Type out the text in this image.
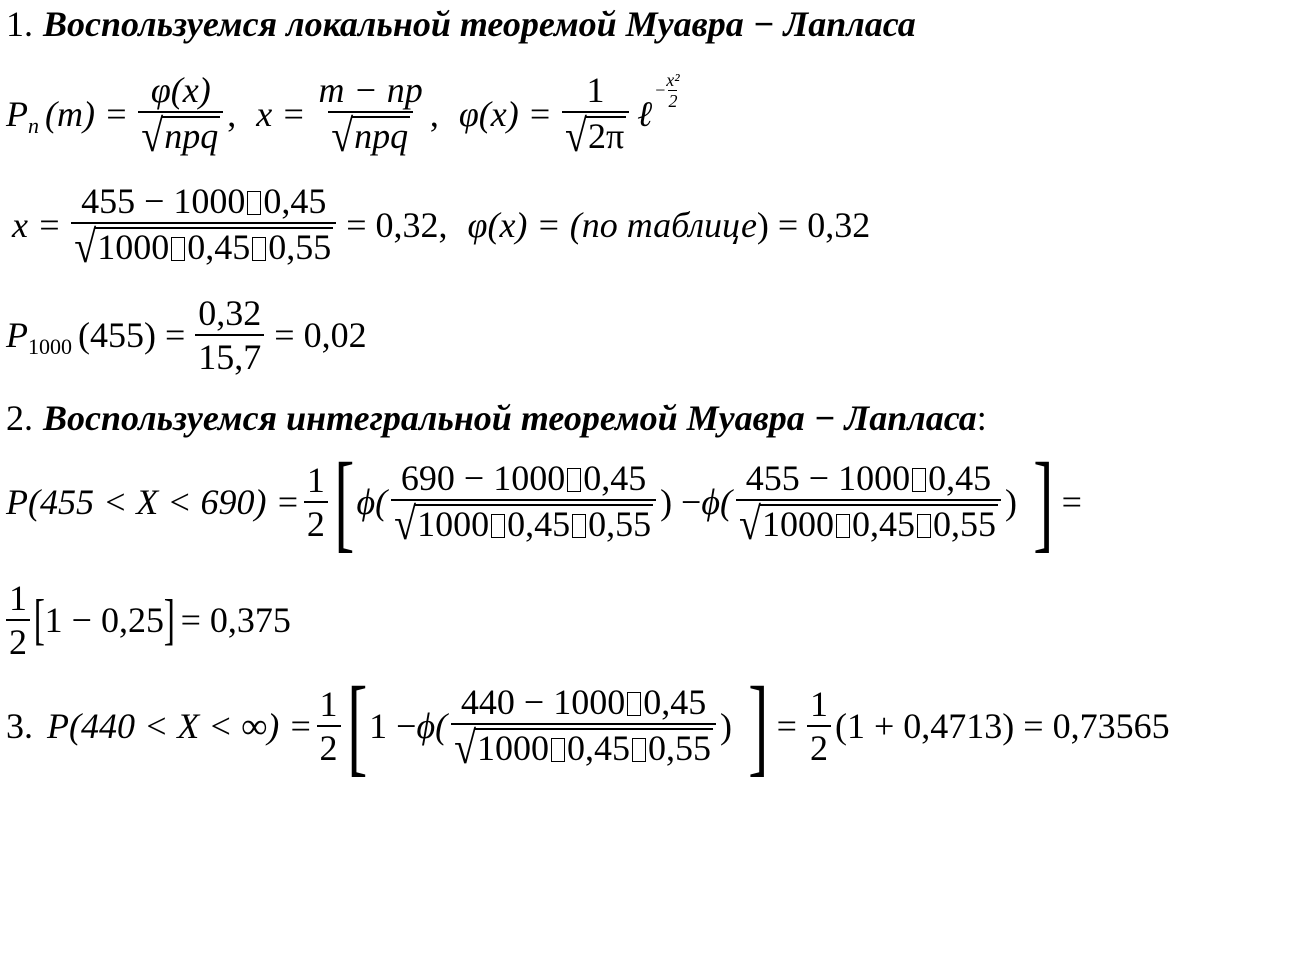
1. Воспользуемся локальной теоремой Муавра − Лапласа
P n $(m) = \frac{\varphi(x)}{\text{√ npq}}$ , $x = \frac{m - np}{\text{√ npq}}$ , $\varphi(x) = \frac{1}{√ 2\pi}$ ℓ
− $\frac{\text{x²}}{2}$
$x = \frac{455 - 1000 0,45}{√ 1000 0,45 0,55} = 0,32$, φ(x) = ( по таблице ) = 0,32
P 1000 $(455) = \frac{0,32}{15,7} = 0,02$
2. Воспользуемся интегральной теоремой Муавра − Лапласа :
$P(455 < X < 690) = \frac{1}{2}$ [ $\phi( \frac{690 - 1000 0,45}{√ 1000 0,45 0,55}$ ) − $\phi( \frac{455 - 1000 0,45}{√ 1000 0,45 0,55}$ ) ] =
$\frac{1}{2}$ [ 1 − 0,25 ] = 0,375
3. P(440 < X < ∞) = $\frac{1}{2}$ [ $1 - \phi( \frac{440 - 1000 0,45}{√ 1000 0,45 0,55}$ ) ] = $\frac{1}{2} (1 + 0,4713) = 0,73565$
